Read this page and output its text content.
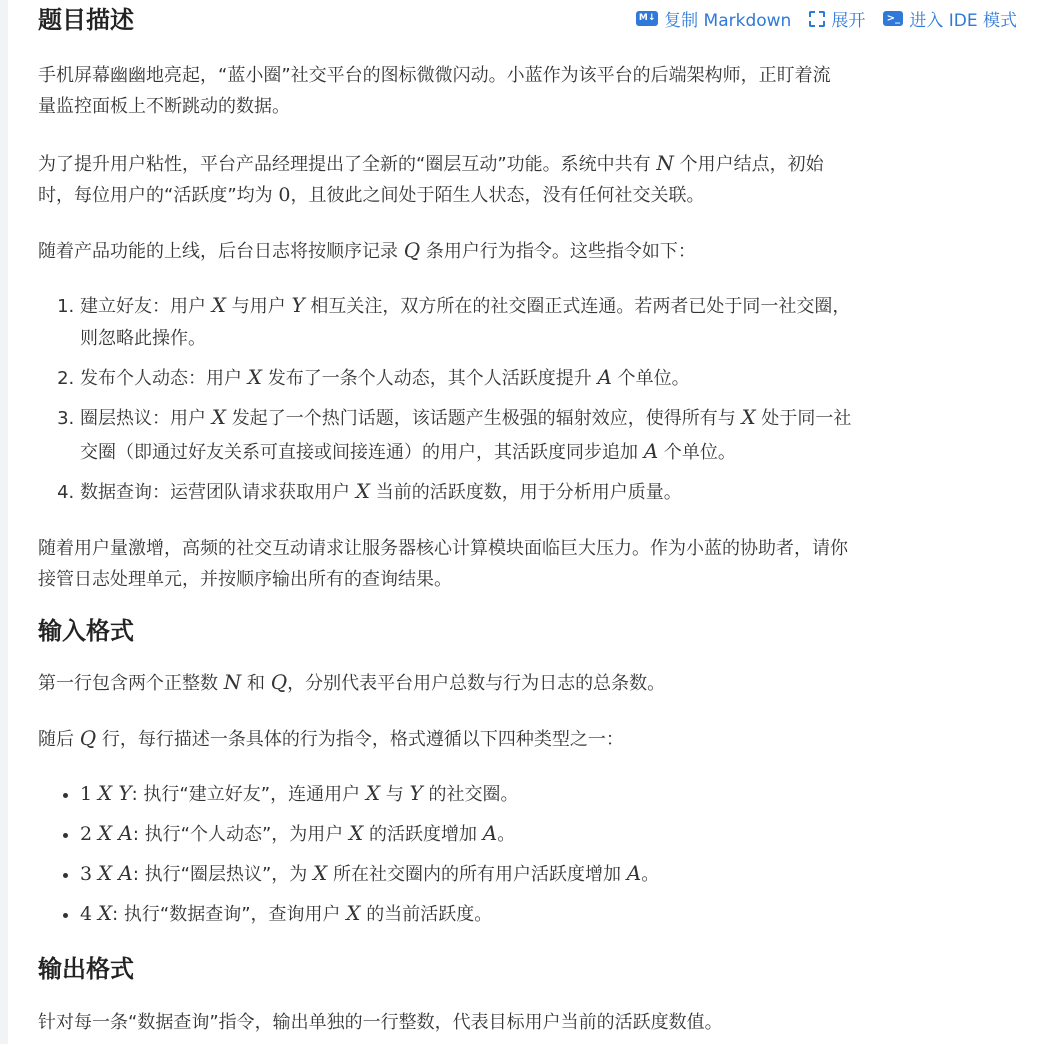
题目描述	M↓ 复制 Markdown 展开	>_ 进入 IDE 模式

手机屏幕幽幽地亮起，“蓝小圈”社交平台的图标微微闪动。小蓝作为该平台的后端架构师，正盯着流
量监控面板上不断跳动的数据。

为了提升用户粘性，平台产品经理提出了全新的“圈层互动”功能。系统中共有 N 个用户结点，初始
时，每位用户的“活跃度”均为 0，且彼此之间处于陌生人状态，没有任何社交关联。

随着产品功能的上线，后台日志将按顺序记录 Q 条用户行为指令。这些指令如下：

1. 建立好友：用户 X 与用户 Y 相互关注，双方所在的社交圈正式连通。若两者已处于同一社交圈，
则忽略此操作。
2. 发布个人动态：用户 X 发布了一条个人动态，其个人活跃度提升 A 个单位。
3. 圈层热议：用户 X 发起了一个热门话题，该话题产生极强的辐射效应，使得所有与 X 处于同一社
交圈（即通过好友关系可直接或间接连通）的用户，其活跃度同步追加 A 个单位。
4. 数据查询：运营团队请求获取用户 X 当前的活跃度数，用于分析用户质量。

随着用户量激增，高频的社交互动请求让服务器核心计算模块面临巨大压力。作为小蓝的协助者，请你
接管日志处理单元，并按顺序输出所有的查询结果。

输入格式

第一行包含两个正整数 N 和 Q，分别代表平台用户总数与行为日志的总条数。

随后 Q 行，每行描述一条具体的行为指令，格式遵循以下四种类型之一：

• 1 X Y: 执行“建立好友”，连通用户 X 与 Y 的社交圈。
• 2 X A: 执行“个人动态”，为用户 X 的活跃度增加 A。
• 3 X A: 执行“圈层热议”，为 X 所在社交圈内的所有用户活跃度增加 A。
• 4 X: 执行“数据查询”，查询用户 X 的当前活跃度。
输出格式

针对每一条“数据查询”指令，输出单独的一行整数，代表目标用户当前的活跃度数值。
